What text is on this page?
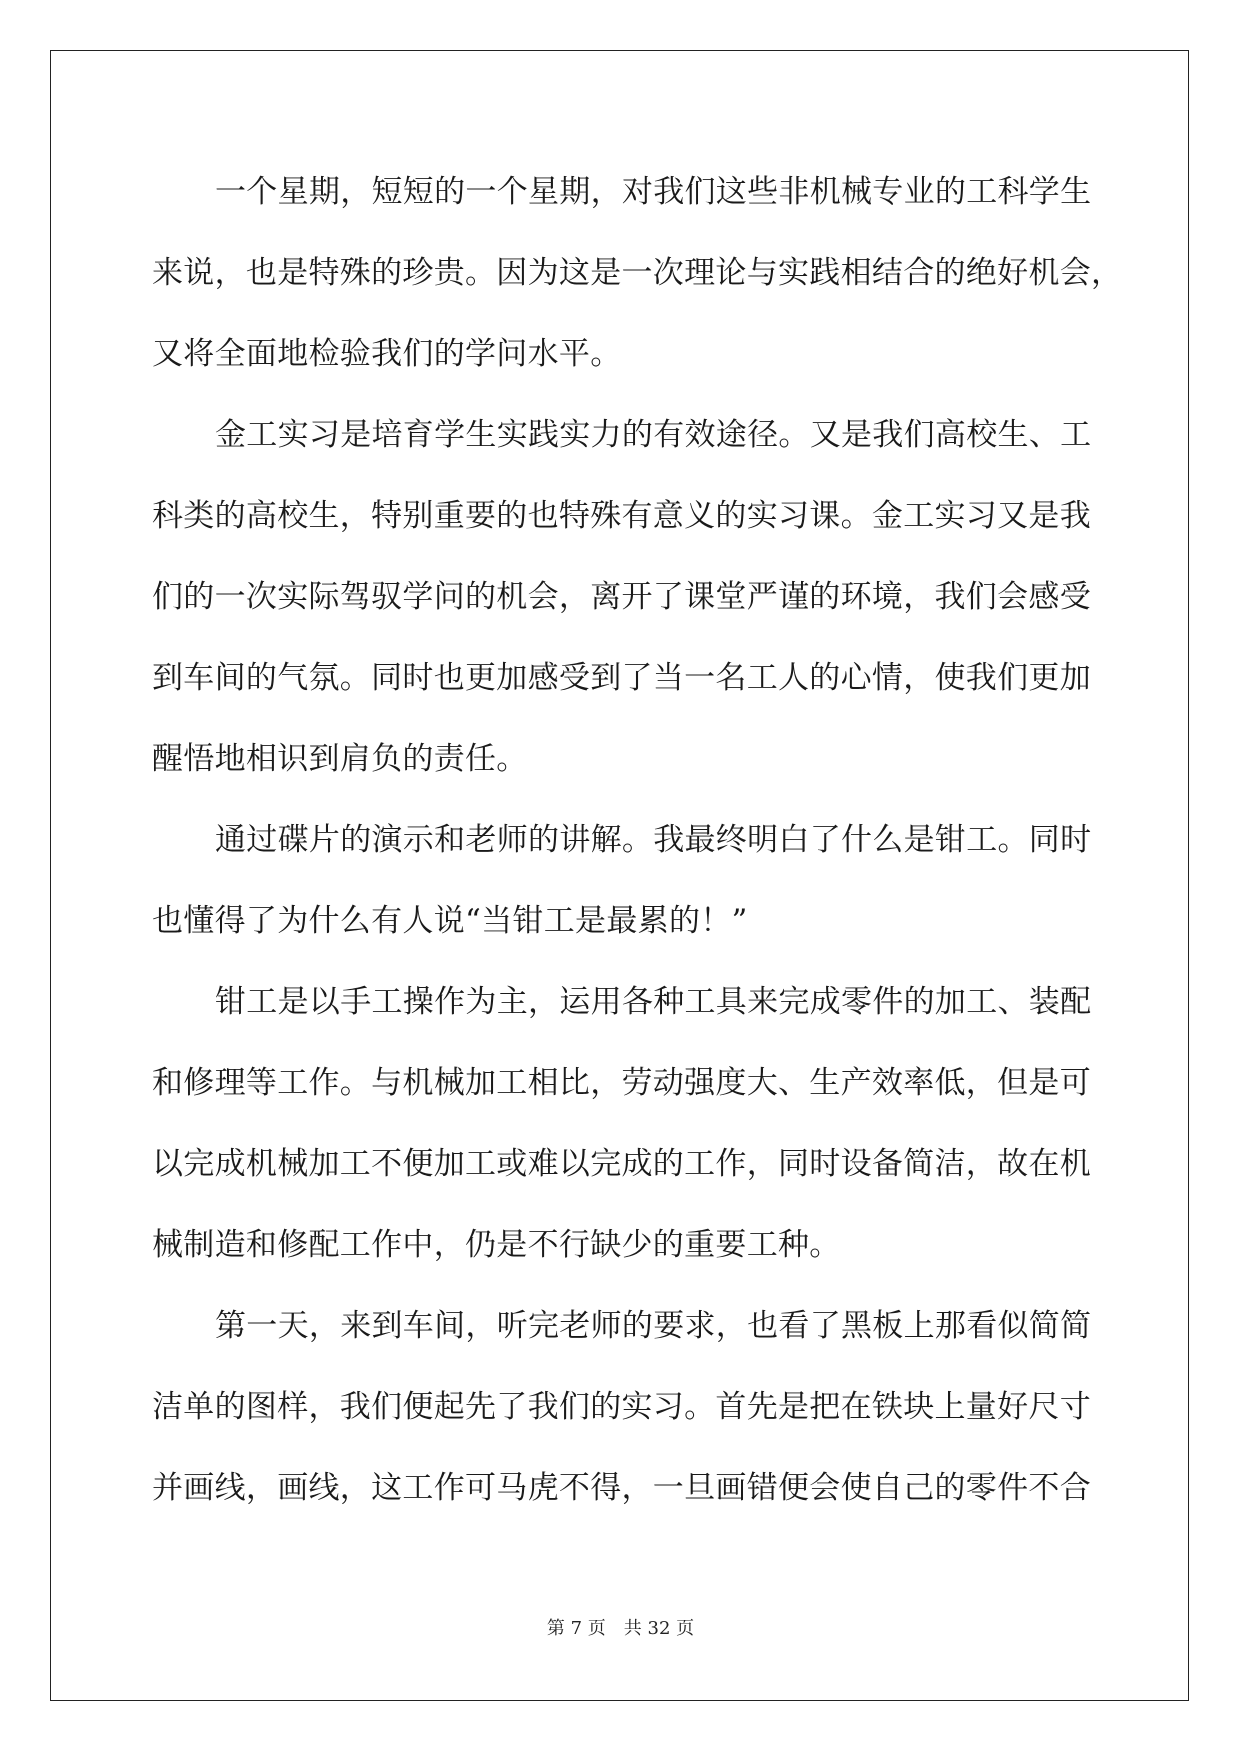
一个星期，短短的一个星期，对我们这些非机械专业的工科学生
来说，也是特殊的珍贵。因为这是一次理论与实践相结合的绝好机会，
又将全面地检验我们的学问水平。
金工实习是培育学生实践实力的有效途径。又是我们高校生、工
科类的高校生，特别重要的也特殊有意义的实习课。金工实习又是我
们的一次实际驾驭学问的机会，离开了课堂严谨的环境，我们会感受
到车间的气氛。同时也更加感受到了当一名工人的心情，使我们更加
醒悟地相识到肩负的责任。
通过碟片的演示和老师的讲解。我最终明白了什么是钳工。同时
也懂得了为什么有人说“当钳工是最累的！”
钳工是以手工操作为主，运用各种工具来完成零件的加工、装配
和修理等工作。与机械加工相比，劳动强度大、生产效率低，但是可
以完成机械加工不便加工或难以完成的工作，同时设备简洁，故在机
械制造和修配工作中，仍是不行缺少的重要工种。
第一天，来到车间，听完老师的要求，也看了黑板上那看似简简
洁单的图样，我们便起先了我们的实习。首先是把在铁块上量好尺寸
并画线，画线，这工作可马虎不得，一旦画错便会使自己的零件不合
第 7 页　共 32 页
